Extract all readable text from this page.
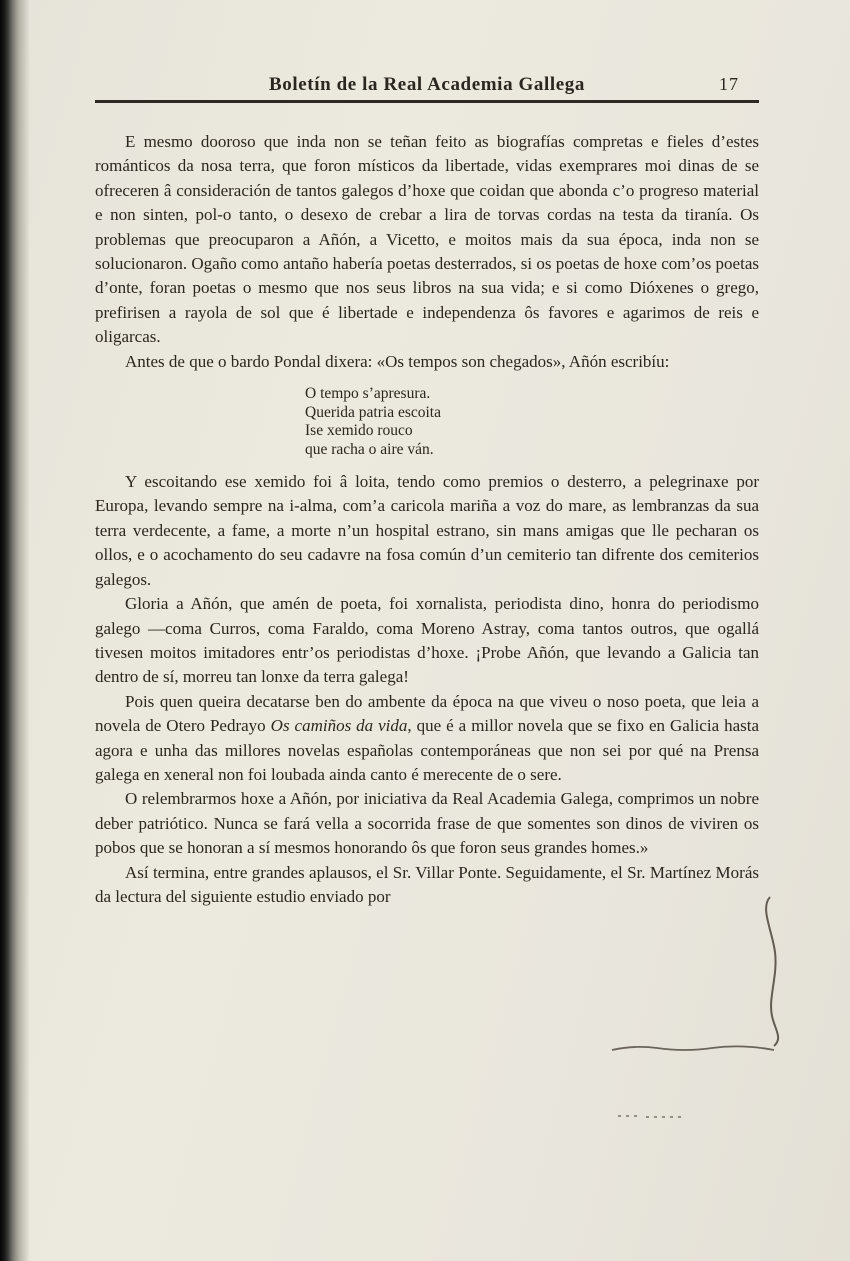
Boletín de la Real Academia Gallega	17

E mesmo dooroso que inda non se teñan feito as biografías compretas e fieles d’estes románticos da nosa terra, que foron místicos da libertade, vidas exemprares moi dinas de se ofreceren â consideración de tantos galegos d’hoxe que coidan que abonda c’o progreso material e non sinten, pol-o tanto, o desexo de crebar a lira de torvas cordas na testa da tiranía. Os problemas que preocuparon a Añón, a Vicetto, e moitos mais da sua época, inda non se solucionaron. Ogaño como antaño habería poetas desterrados, si os poetas de hoxe com’os poetas d’onte, foran poetas o mesmo que nos seus libros na sua vida; e si como Dióxenes o grego, prefirisen a rayola de sol que é libertade e independenza ôs favores e agarimos de reis e oligarcas.

Antes de que o bardo Pondal dixera: «Os tempos son chegados», Añón escribíu:

O tempo s’apresura.
Querida patria escoita
Ise xemido rouco
que racha o aire ván.

Y escoitando ese xemido foi â loita, tendo como premios o desterro, a pelegrinaxe por Europa, levando sempre na i-alma, com’a caricola mariña a voz do mare, as lembranzas da sua terra verdecente, a fame, a morte n’un hospital estrano, sin mans amigas que lle pecharan os ollos, e o acochamento do seu cadavre na fosa común d’un cemiterio tan difrente dos cemiterios galegos.

Gloria a Añón, que amén de poeta, foi xornalista, periodista dino, honra do periodismo galego —coma Curros, coma Faraldo, coma Moreno Astray, coma tantos outros, que ogallá tivesen moitos imitadores entr’os periodistas d’hoxe. ¡Probe Añón, que levando a Galicia tan dentro de sí, morreu tan lonxe da terra galega!

Pois quen queira decatarse ben do ambente da época na que viveu o noso poeta, que leia a novela de Otero Pedrayo Os camiños da vida, que é a millor novela que se fixo en Galicia hasta agora e unha das millores novelas españolas contemporáneas que non sei por qué na Prensa galega en xeneral non foi loubada ainda canto é merecente de o sere.

O relembrarmos hoxe a Añón, por iniciativa da Real Academia Galega, comprimos un nobre deber patriótico. Nunca se fará vella a socorrida frase de que somentes son dinos de viviren os pobos que se honoran a sí mesmos honorando ôs que foron seus grandes homes.»

Así termina, entre grandes aplausos, el Sr. Villar Ponte. Seguidamente, el Sr. Martínez Morás da lectura del siguiente estudio enviado por
